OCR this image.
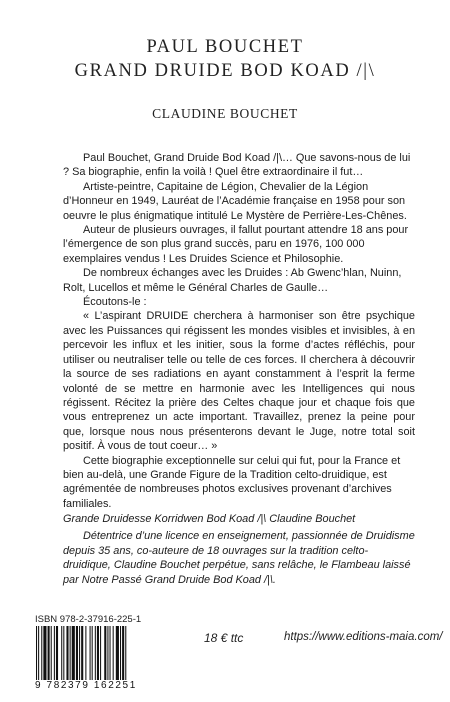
PAUL BOUCHET
GRAND DRUIDE BOD KOAD /|\
CLAUDINE BOUCHET

Paul Bouchet, Grand Druide Bod Koad /|\… Que savons-nous de lui ? Sa biographie, enfin la voilà ! Quel être extraordinaire il fut…

Artiste-peintre, Capitaine de Légion, Chevalier de la Légion d’Honneur en 1949, Lauréat de l’Académie française en 1958 pour son oeuvre le plus énigmatique intitulé Le Mystère de Perrière-Les-Chênes.

Auteur de plusieurs ouvrages, il fallut pourtant attendre 18 ans pour l’émergence de son plus grand succès, paru en 1976, 100 000 exemplaires vendus ! Les Druides Science et Philosophie.

De nombreux échanges avec les Druides : Ab Gwenc’hlan, Nuinn, Rolt, Lucellos et même le Général Charles de Gaulle…

Écoutons-le :

« L’aspirant DRUIDE cherchera à harmoniser son être psychique avec les Puissances qui régissent les mondes visibles et invisibles, à en percevoir les influx et les initier, sous la forme d’actes réfléchis, pour utiliser ou neutraliser telle ou telle de ces forces. Il cherchera à découvrir la source de ses radiations en ayant constamment à l’esprit la ferme volonté de se mettre en harmonie avec les Intelligences qui nous régissent. Récitez la prière des Celtes chaque jour et chaque fois que vous entreprenez un acte important. Travaillez, prenez la peine pour que, lorsque nous nous présenterons devant le Juge, notre total soit positif. À vous de tout coeur… »

Cette biographie exceptionnelle sur celui qui fut, pour la France et bien au-delà, une Grande Figure de la Tradition celto-druidique, est agrémentée de nombreuses photos exclusives provenant d’archives familiales.

Grande Druidesse Korridwen Bod Koad /|\ Claudine Bouchet

Détentrice d’une licence en enseignement, passionnée de Druidisme depuis 35 ans, co-auteure de 18 ouvrages sur la tradition celto-druidique, Claudine Bouchet perpétue, sans relâche, le Flambeau laissé par Notre Passé Grand Druide Bod Koad /|\.

ISBN 978-2-37916-225-1
9 782379 162251
18 € ttc	https://www.editions-maia.com/
